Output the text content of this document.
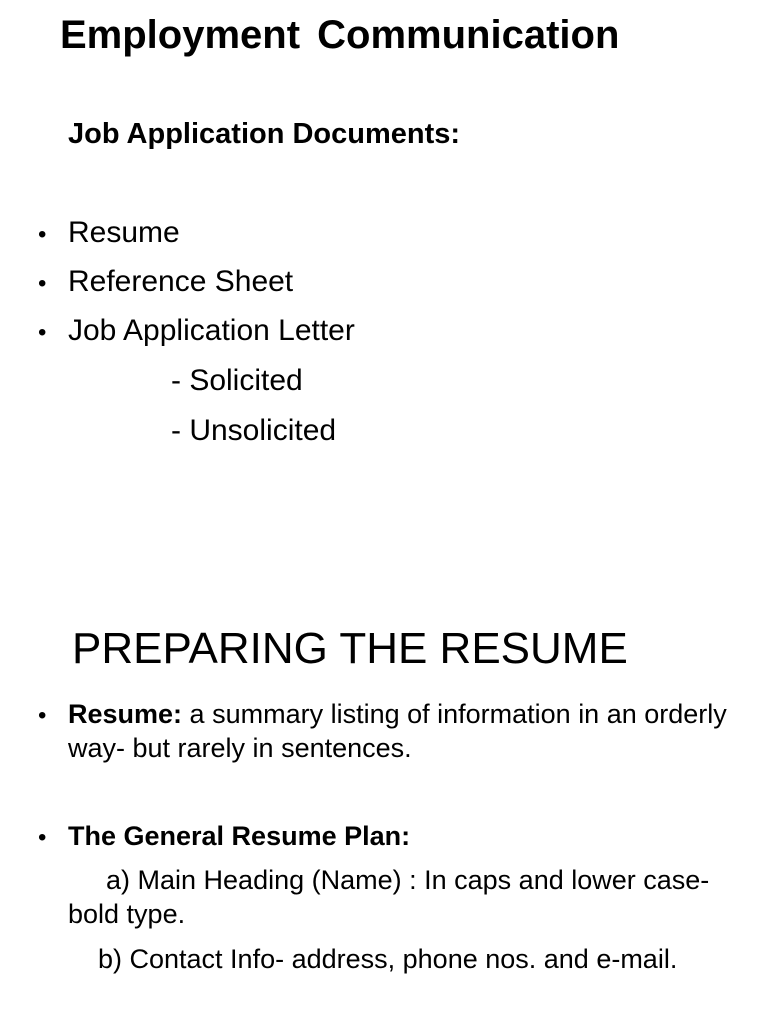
Employment Communication
Job Application Documents:
• Resume
• Reference Sheet
• Job Application Letter
- Solicited
- Unsolicited
PREPARING THE RESUME
• Resume: a summary listing of information in an orderly way- but rarely in sentences.
• The General Resume Plan:
a) Main Heading (Name) : In caps and lower case- bold type.
b) Contact Info- address, phone nos. and e-mail.
